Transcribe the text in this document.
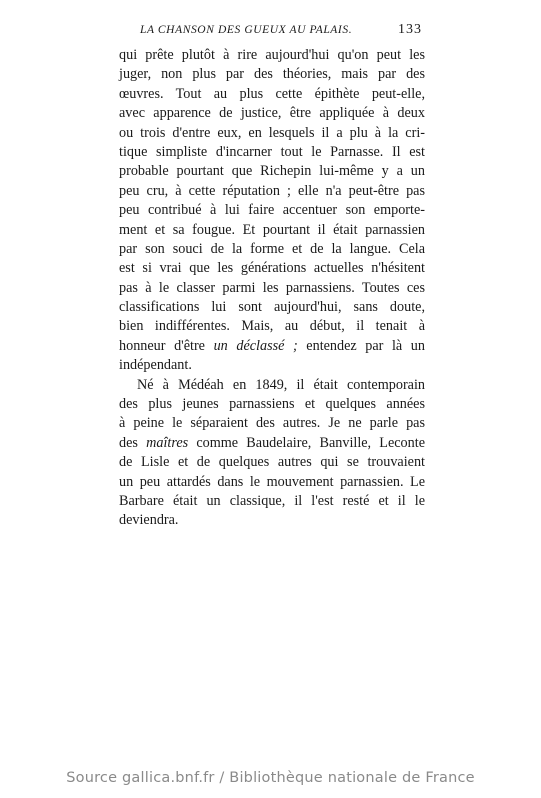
LA CHANSON DES GUEUX AU PALAIS.	133
qui prête plutôt à rire aujourd'hui qu'on peut les
juger, non plus par des théories, mais par des
œuvres. Tout au plus cette épithète peut-elle,
avec apparence de justice, être appliquée à deux
ou trois d'entre eux, en lesquels il a plu à la cri-
tique simpliste d'incarner tout le Parnasse. Il est
probable pourtant que Richepin lui-même y a un
peu cru, à cette réputation ; elle n'a peut-être pas
peu contribué à lui faire accentuer son emporte-
ment et sa fougue. Et pourtant il était parnassien
par son souci de la forme et de la langue. Cela
est si vrai que les générations actuelles n'hésitent
pas à le classer parmi les parnassiens. Toutes ces
classifications lui sont aujourd'hui, sans doute,
bien indifférentes. Mais, au début, il tenait à
honneur d'être un déclassé ; entendez par là un
indépendant.
Né à Médéah en 1849, il était contemporain
des plus jeunes parnassiens et quelques années
à peine le séparaient des autres. Je ne parle pas
des maîtres comme Baudelaire, Banville, Leconte
de Lisle et de quelques autres qui se trouvaient
un peu attardés dans le mouvement parnassien. Le
Barbare était un classique, il l'est resté et il le
deviendra.
Source gallica.bnf.fr / Bibliothèque nationale de France
